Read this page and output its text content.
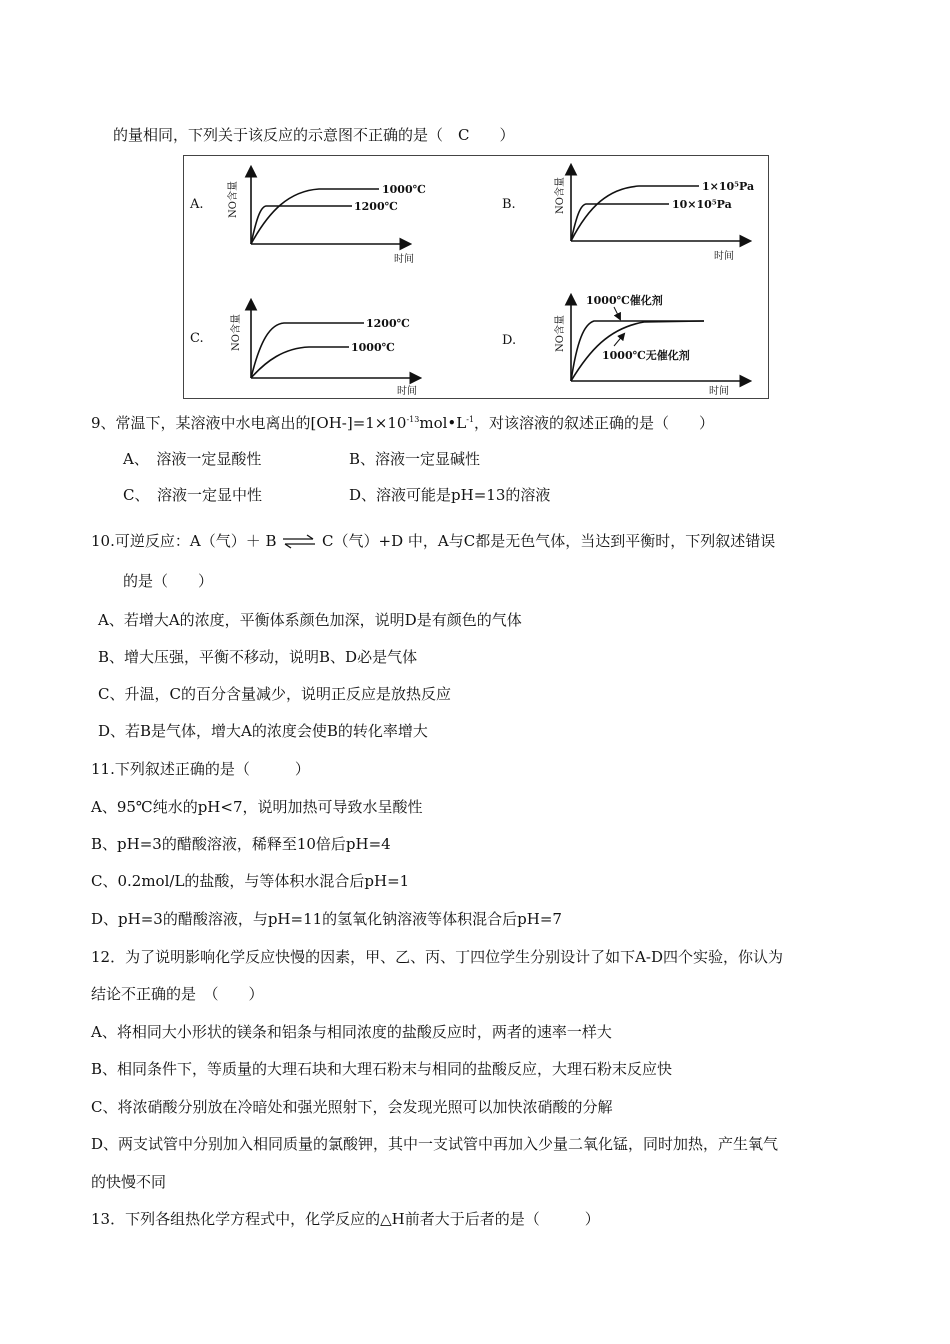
的量相同，下列关于该反应的示意图不正确的是（　C　　）
A. NO含量
时间
1000℃
1200℃	B.	NO含量
时间
1×10⁵Pa
10×10⁵Pa
C.	NO含量
时间
1200℃
1000℃	D.	NO含量
时间
1000℃催化剂
1000℃无催化剂
9、常温下，某溶液中水电离出的$[OH-]=1\times 10^{-13}mol•L^{-1}$，对该溶液的叙述正确的是（　　）
A、　溶液一定显酸性	B、溶液一定显碱性
C、　溶液一定显中性	D、溶液可能是pH=13的溶液
10.可逆反应：A（气）＋ B ⇌ C（气）+D 中，A与C都是无色气体，当达到平衡时，下列叙述错误
的是（　　）
A、若增大A的浓度，平衡体系颜色加深，说明D是有颜色的气体
B、增大压强，平衡不移动，说明B、D必是气体
C、升温，C的百分含量减少，说明正反应是放热反应
D、若B是气体，增大A的浓度会使B的转化率增大
11.下列叙述正确的是（　　　）
A、95℃纯水的pH<7，说明加热可导致水呈酸性
B、pH=3的醋酸溶液，稀释至10倍后pH=4
C、0.2mol/L的盐酸，与等体积水混合后pH=1
D、pH=3的醋酸溶液，与pH=11的氢氧化钠溶液等体积混合后pH=7
12．为了说明影响化学反应快慢的因素，甲、乙、丙、丁四位学生分别设计了如下A-D四个实验，你认为
结论不正确的是　（　　）
A、将相同大小形状的镁条和铝条与相同浓度的盐酸反应时，两者的速率一样大
B、相同条件下，等质量的大理石块和大理石粉末与相同的盐酸反应，大理石粉末反应快
C、将浓硝酸分别放在冷暗处和强光照射下，会发现光照可以加快浓硝酸的分解
D、两支试管中分别加入相同质量的氯酸钾，其中一支试管中再加入少量二氧化锰，同时加热，产生氧气
的快慢不同
13．下列各组热化学方程式中，化学反应的△H前者大于后者的是（　　　）
